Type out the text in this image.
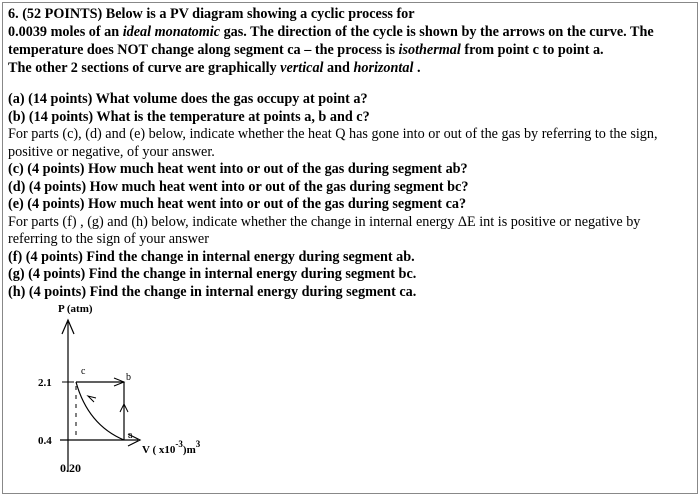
6. (52 POINTS) Below is a PV diagram showing a cyclic process for
0.0039 moles of an ideal monatomic gas. The direction of the cycle is shown by the arrows on the curve. The
temperature does NOT change along segment ca – the process is isothermal from point c to point a.
The other 2 sections of curve are graphically vertical and horizontal .
(a) (14 points) What volume does the gas occupy at point a?
(b) (14 points) What is the temperature at points a, b and c?
For parts (c), (d) and (e) below, indicate whether the heat Q has gone into or out of the gas by referring to the sign,
positive or negative, of your answer.
(c) (4 points) How much heat went into or out of the gas during segment ab?
(d) (4 points) How much heat went into or out of the gas during segment bc?
(e) (4 points) How much heat went into or out of the gas during segment ca?
For parts (f) , (g) and (h) below, indicate whether the change in internal energy ΔE int is positive or negative by
referring to the sign of your answer
(f) (4 points) Find the change in internal energy during segment ab.
(g) (4 points) Find the change in internal energy during segment bc.
(h) (4 points) Find the change in internal energy during segment ca.
P (atm)
2.1
0.4
0.20
c
b
a
V ( $x10^{-3})m^3$
